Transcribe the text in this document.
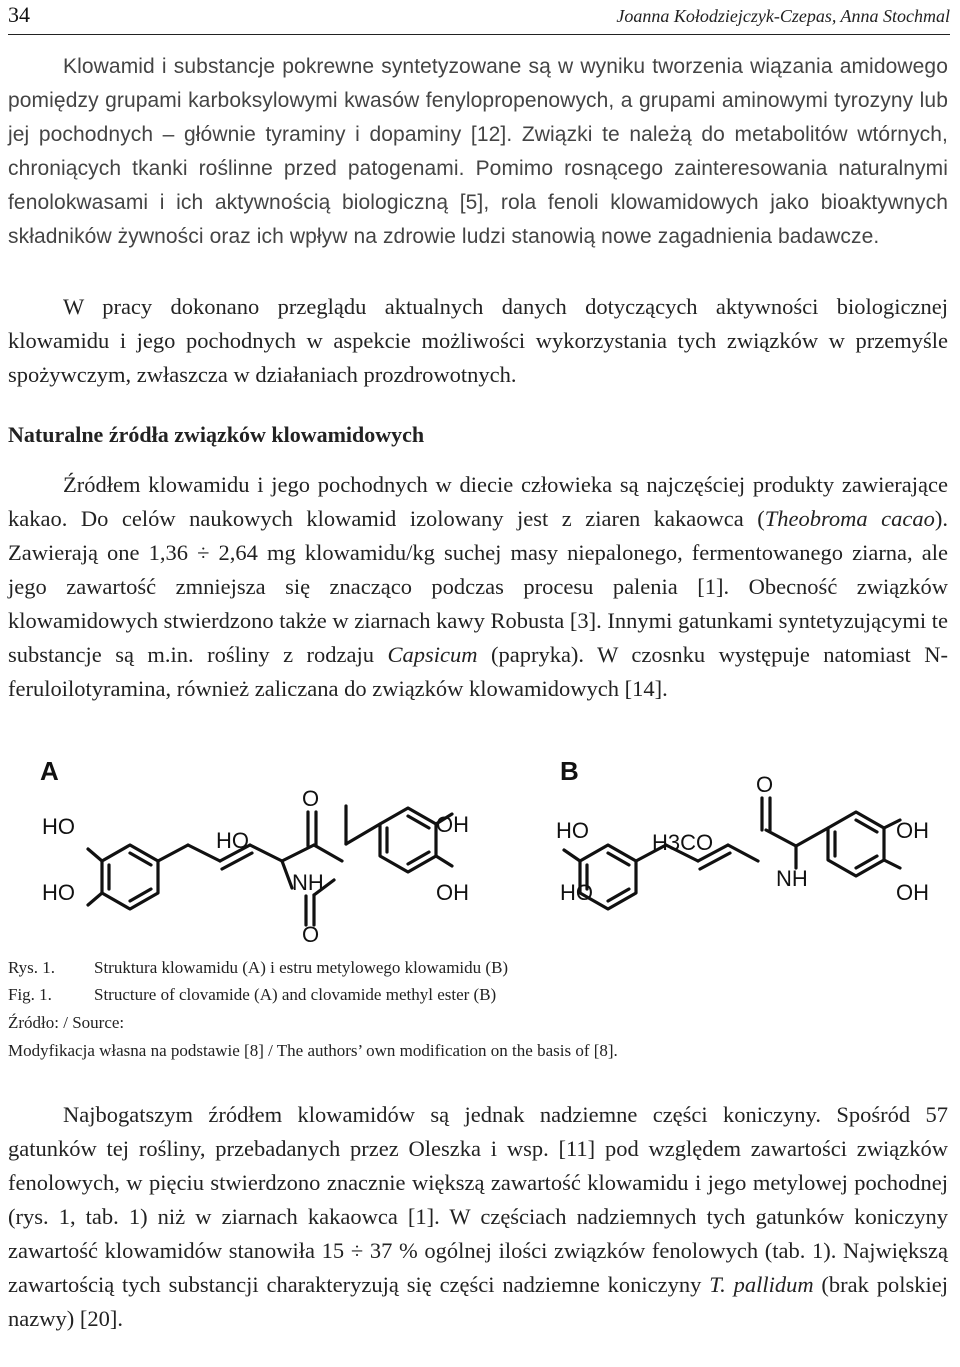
34	Joanna Kołodziejczyk-Czepas, Anna Stochmal

Klowamid i substancje pokrewne syntetyzowane są w wyniku tworzenia wiązania amidowego pomiędzy grupami karboksylowymi kwasów fenylopropenowych, a grupami aminowymi tyrozyny lub jej pochodnych – głównie tyraminy i dopaminy [12]. Związki te należą do metabolitów wtórnych, chroniących tkanki roślinne przed patogenami. Pomimo rosnącego zainteresowania naturalnymi fenolokwasami i ich aktywnością biologiczną [5], rola fenoli klowamidowych jako bioaktywnych składników żywności oraz ich wpływ na zdrowie ludzi stanowią nowe zagadnienia badawcze.

W pracy dokonano przeglądu aktualnych danych dotyczących aktywności biologicznej klowamidu i jego pochodnych w aspekcie możliwości wykorzystania tych związków w przemyśle spożywczym, zwłaszcza w działaniach prozdrowotnych.

Naturalne źródła związków klowamidowych

Źródłem klowamidu i jego pochodnych w diecie człowieka są najczęściej produkty zawierające kakao. Do celów naukowych klowamid izolowany jest z ziaren kakaowca (Theobroma cacao). Zawierają one 1,36 ÷ 2,64 mg klowamidu/kg suchej masy niepalonego, fermentowanego ziarna, ale jego zawartość zmniejsza się znacząco podczas procesu palenia [1]. Obecność związków klowamidowych stwierdzono także w ziarnach kawy Robusta [3]. Innymi gatunkami syntetyzującymi te substancje są m.in. rośliny z rodzaju Capsicum (papryka). W czosnku występuje natomiast N-feruloilotyramina, również zaliczana do związków klowamidowych [14].

A	B
HO
HO
HO
O
O
NH
OH
OH
HO
HO
H3CO
O
NH
OH
OH

Rys. 1. Struktura klowamidu (A) i estru metylowego klowamidu (B)

Fig. 1. Structure of clovamide (A) and clovamide methyl ester (B)

Źródło: / Source:

Modyfikacja własna na podstawie [8] / The authors’ own modification on the basis of [8].

Najbogatszym źródłem klowamidów są jednak nadziemne części koniczyny. Spośród 57 gatunków tej rośliny, przebadanych przez Oleszka i wsp. [11] pod względem zawartości związków fenolowych, w pięciu stwierdzono znacznie większą zawartość klowamidu i jego metylowej pochodnej (rys. 1, tab. 1) niż w ziarnach kakaowca [1]. W częściach nadziemnych tych gatunków koniczyny zawartość klowamidów stanowiła 15 ÷ 37 % ogólnej ilości związków fenolowych (tab. 1). Największą zawartością tych substancji charakteryzują się części nadziemne koniczyny T. pallidum (brak polskiej nazwy) [20].
